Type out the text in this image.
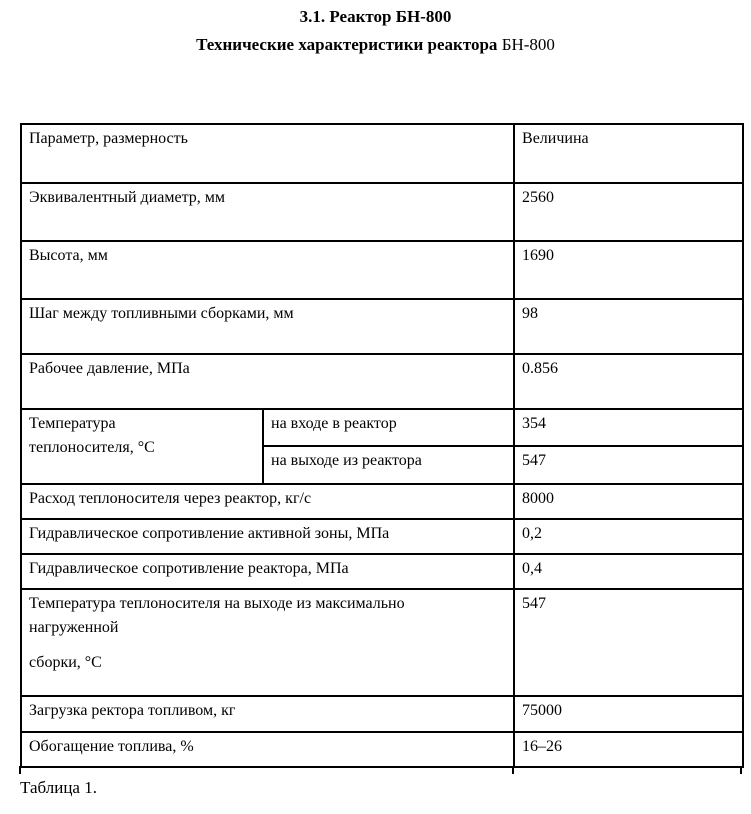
3.1. Реактор БН-800
Технические характеристики реактора БН-800
Параметр, размерность		Величина
Эквивалентный диаметр, мм		2560
Высота, мм		1690
Шаг между топливными сборками, мм		98
Рабочее давление, МПа		0.856

Температура
теплоносителя, °С	на входе в реактор	354
	на выходе из реактора	547
Расход теплоносителя через реактор, кг/с		8000
Гидравлическое сопротивление активной зоны, МПа		0,2
Гидравлическое сопротивление реактора, МПа		0,4

Температура теплоносителя на выходе из максимально
нагруженной
сборки, °С		547
Загрузка ректора топливом, кг		75000
Обогащение топлива, %		16–26
Таблица 1.
